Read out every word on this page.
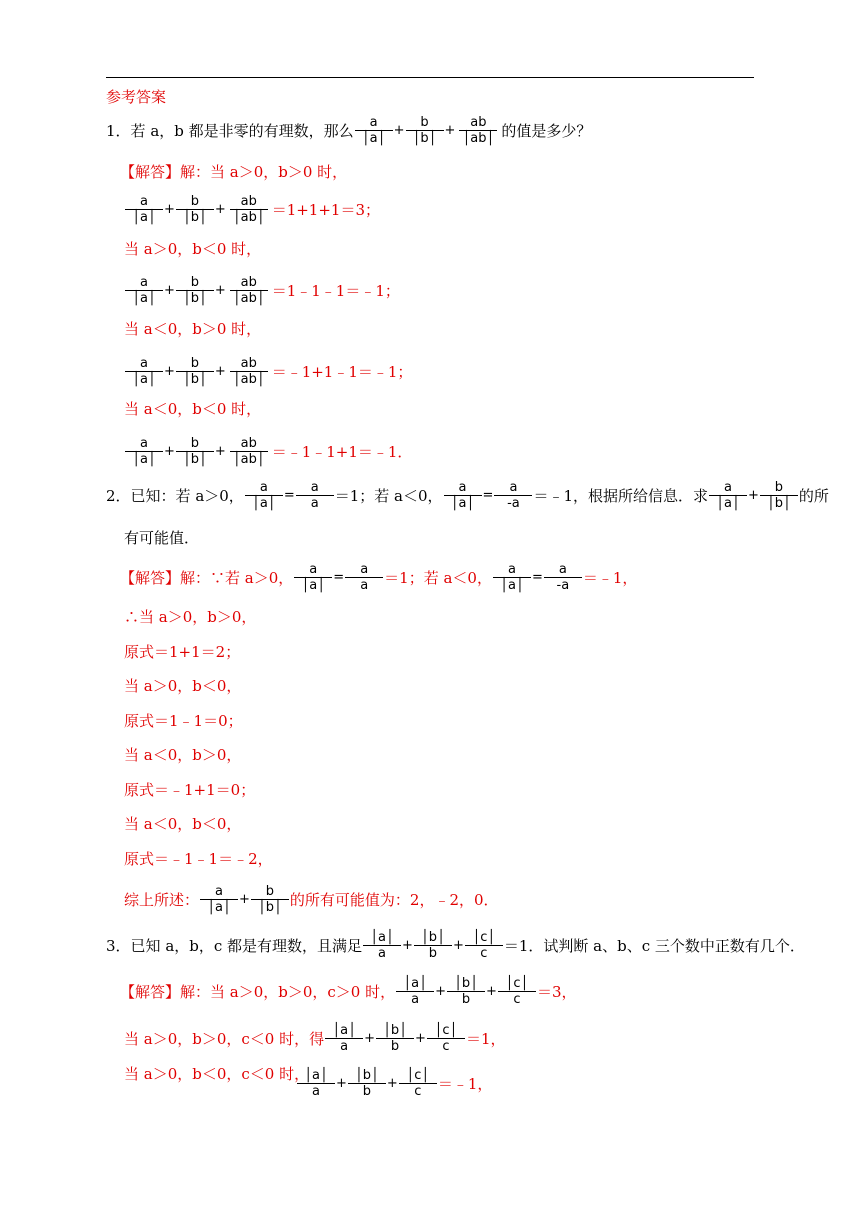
参考答案
1． 若 a，b 都是非零的有理数，那么	a
│a│
+ $\frac{b}{│b│} + \frac{ab}{│ab│}$ 的值是多少？
【解答】解：当 a＞0，b＞0 时，
a
│a│
+ $\frac{b}{│b│} + \frac{ab}{│ab│} =1+1+1=3$；
当 a＞0，b＜0 时，
a
│a│
+ $\frac{b}{│b│} + \frac{ab}{│ab│}$ ＝1﹣1﹣1＝﹣1；
当 a＜0，b＞0 时，
a
│a│
+ $\frac{b}{│b│} + \frac{ab}{│ab│}$ ＝﹣1+1﹣1＝﹣1；
当 a＜0，b＜0 时，
a
│a│
+ $\frac{b}{│b│} + \frac{ab}{│ab│}$ ＝﹣1﹣1+1＝﹣1．
2． 已知：若 a＞0， $\frac{a}{│a│} = \frac{a}{a} =1$；若 a＜0， $\frac{a}{│a│} = \frac{a}{-a}$ ＝﹣1，根据所给信息．求	a
│a│
+ $\frac{b}{│b│}$ 的所
有可能值．
【解答】解：∵若 a＞0， $\frac{a}{│a│} = \frac{a}{a} =1$；若 a＜0， $\frac{a}{│a│} = \frac{a}{-a}$ ＝﹣1，
∴当 a＞0，b＞0，
原式＝1+1＝2；
当 a＞0，b＜0，
原式＝1﹣1＝0；
当 a＜0，b＞0，
原式＝﹣1+1＝0；
当 a＜0，b＜0，
原式＝﹣1﹣1＝﹣2，
综上所述：	a
│a│
+ $\frac{b}{│b│}$ 的所有可能值为：2，﹣2，0．
3． 已知 a，b，c 都是有理数，且满足 │a│
a
+ $\frac{│b│}{b} + \frac{│c│}{c} =1$．试判断 a、b、c 三个数中正数有几个．
【解答】解：当 a＞0，b＞0，c＞0 时， │a│
a
+ $\frac{│b│}{b} + \frac{│c│}{c} =3$，
当 a＞0，b＞0，c＜0 时，得 │a│
a
+ $\frac{│b│}{b} + \frac{│c│}{c} =1$，
当 a＞0，b＜0，c＜0 时，
│a│
a
+ $\frac{│b│}{b} + \frac{│c│}{c}$ ＝﹣1，
